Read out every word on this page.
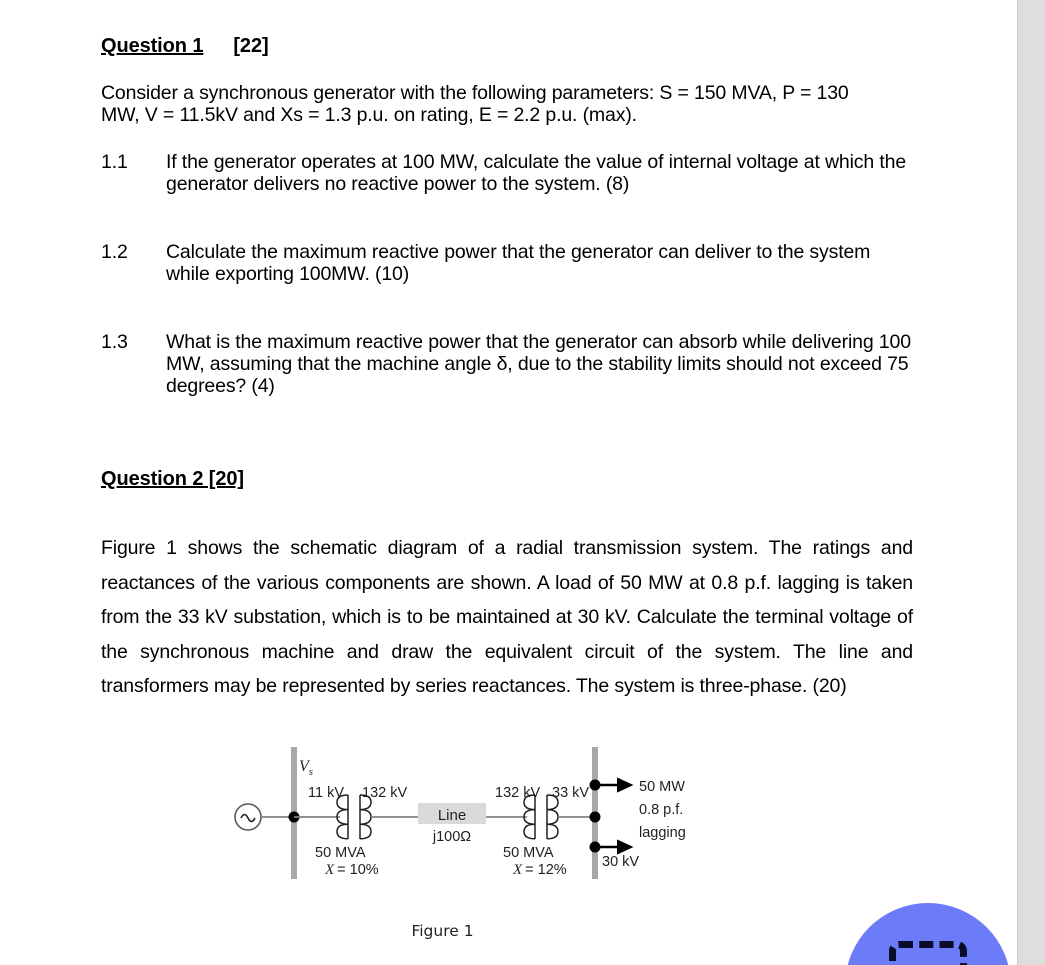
Question 1 [22]
Consider a synchronous generator with the following parameters: S = 150 MVA, P = 130 MW, V = 11.5kV and Xs = 1.3 p.u. on rating, E = 2.2 p.u. (max).
1.1	If the generator operates at 100 MW, calculate the value of internal voltage at which the generator delivers no reactive power to the system. (8)
1.2	Calculate the maximum reactive power that the generator can deliver to the system while exporting 100MW. (10)
1.3	What is the maximum reactive power that the generator can absorb while delivering 100 MW, assuming that the machine angle δ, due to the stability limits should not exceed 75 degrees? (4)
Question 2 [20]
Figure 1 shows the schematic diagram of a radial transmission system. The ratings and reactances of the various components are shown. A load of 50 MW at 0.8 p.f. lagging is taken from the 33 kV substation, which is to be maintained at 30 kV. Calculate the terminal voltage of the synchronous machine and draw the equivalent circuit of the system. The line and transformers may be represented by series reactances. The system is three-phase. (20)
$V_s$
11 kV 132 kV
50 MVA
X = 10%
Line
j100Ω
132 kV 33 kV
50 MVA
X = 12%
50 MW
0.8 p.f.
lagging
30 kV
Figure 1
